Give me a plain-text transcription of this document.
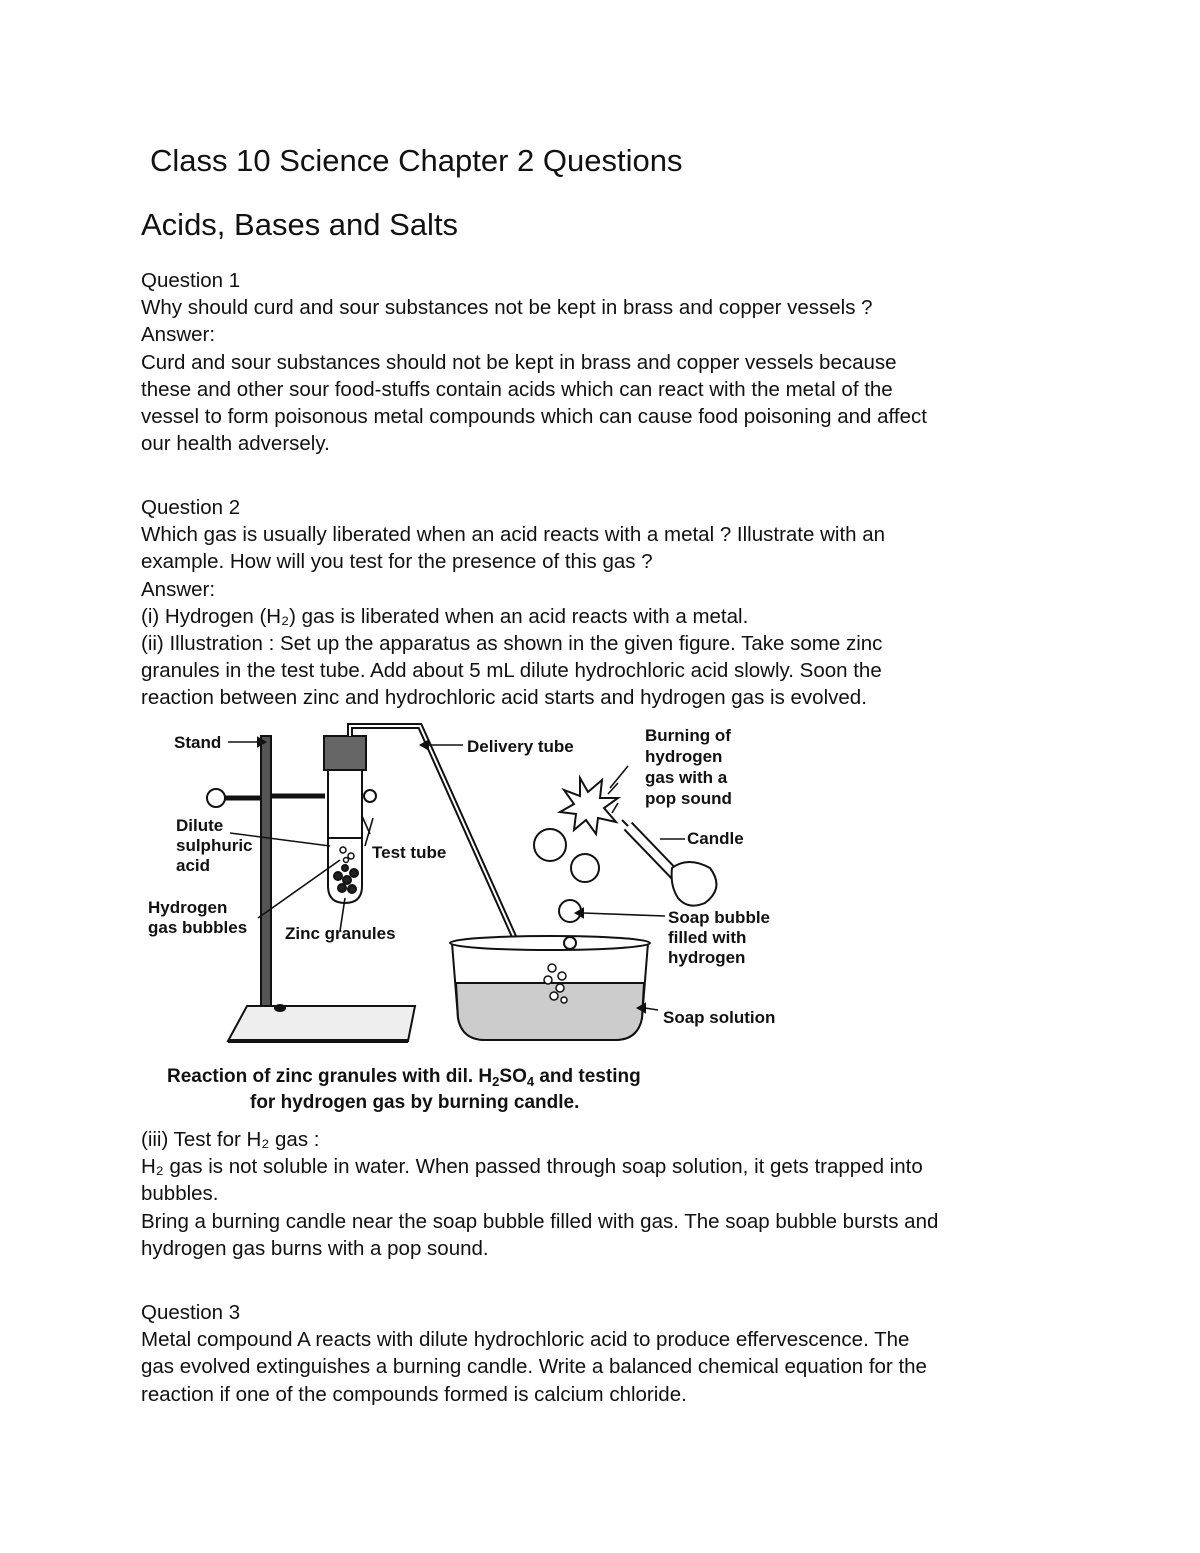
Class 10 Science Chapter 2 Questions
Acids, Bases and Salts

Question 1

Why should curd and sour substances not be kept in brass and copper vessels ?

Answer:

Curd and sour substances should not be kept in brass and copper vessels because

these and other sour food-stuffs contain acids which can react with the metal of the

vessel to form poisonous metal compounds which can cause food poisoning and affect

our health adversely.

Question 2

Which gas is usually liberated when an acid reacts with a metal ? Illustrate with an

example. How will you test for the presence of this gas ?

Answer:

(i) Hydrogen (H₂) gas is liberated when an acid reacts with a metal.

(ii) Illustration : Set up the apparatus as shown in the given figure. Take some zinc

granules in the test tube. Add about 5 mL dilute hydrochloric acid slowly. Soon the

reaction between zinc and hydrochloric acid starts and hydrogen gas is evolved.

Stand	Delivery tube
Burning of
hydrogen
gas with a
pop sound
Candle
Dilute
sulphuric
acid
Test tube
Hydrogen
gas bubbles Zinc granules
Soap bubble
filled with
hydrogen
Soap solution
Reaction of zinc granules with dil. $H_2SO_4$ and testing
for hydrogen gas by burning candle.

(iii) Test for H₂ gas :

H₂ gas is not soluble in water. When passed through soap solution, it gets trapped into

bubbles.

Bring a burning candle near the soap bubble filled with gas. The soap bubble bursts and

hydrogen gas burns with a pop sound.

Question 3

Metal compound A reacts with dilute hydrochloric acid to produce effervescence. The

gas evolved extinguishes a burning candle. Write a balanced chemical equation for the

reaction if one of the compounds formed is calcium chloride.
